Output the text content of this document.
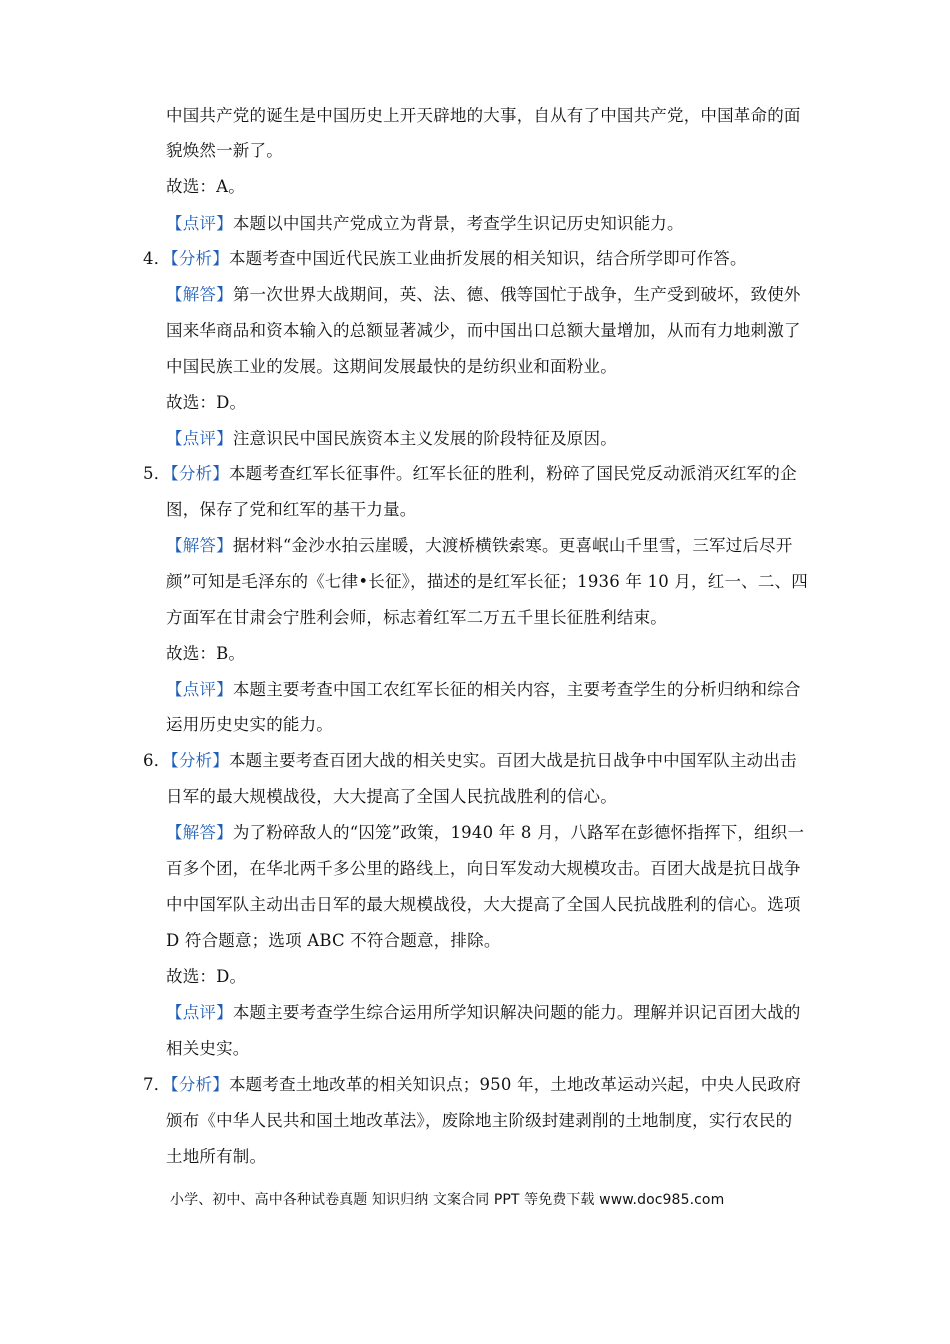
中国共产党的诞生是中国历史上开天辟地的大事，自从有了中国共产党，中国革命的面
貌焕然一新了。
故选：A。
【点评】本题以中国共产党成立为背景，考查学生识记历史知识能力。
4．【分析】本题考查中国近代民族工业曲折发展的相关知识，结合所学即可作答。
【解答】第一次世界大战期间，英、法、德、俄等国忙于战争，生产受到破坏，致使外
国来华商品和资本输入的总额显著减少，而中国出口总额大量增加，从而有力地刺激了
中国民族工业的发展。这期间发展最快的是纺织业和面粉业。
故选：D。
【点评】注意识民中国民族资本主义发展的阶段特征及原因。
5．【分析】本题考查红军长征事件。红军长征的胜利，粉碎了国民党反动派消灭红军的企
图，保存了党和红军的基干力量。
【解答】据材料“金沙水拍云崖暖，大渡桥横铁索寒。更喜岷山千里雪，三军过后尽开
颜”可知是毛泽东的《七律•长征》，描述的是红军长征；1936 年 10 月，红一、二、四
方面军在甘肃会宁胜利会师，标志着红军二万五千里长征胜利结束。
故选：B。
【点评】本题主要考查中国工农红军长征的相关内容，主要考查学生的分析归纳和综合
运用历史史实的能力。
6．【分析】本题主要考查百团大战的相关史实。百团大战是抗日战争中中国军队主动出击
日军的最大规模战役，大大提高了全国人民抗战胜利的信心。
【解答】为了粉碎敌人的“囚笼”政策，1940 年 8 月，八路军在彭德怀指挥下，组织一
百多个团，在华北两千多公里的路线上，向日军发动大规模攻击。百团大战是抗日战争
中中国军队主动出击日军的最大规模战役，大大提高了全国人民抗战胜利的信心。选项
D 符合题意；选项 ABC 不符合题意，排除。
故选：D。
【点评】本题主要考查学生综合运用所学知识解决问题的能力。理解并识记百团大战的
相关史实。
7．【分析】本题考查土地改革的相关知识点；950 年，土地改革运动兴起，中央人民政府
颁布《中华人民共和国土地改革法》，废除地主阶级封建剥削的土地制度，实行农民的
土地所有制。
小学、初中、高中各种试卷真题 知识归纳 文案合同 PPT 等免费下载 www.doc985.com
